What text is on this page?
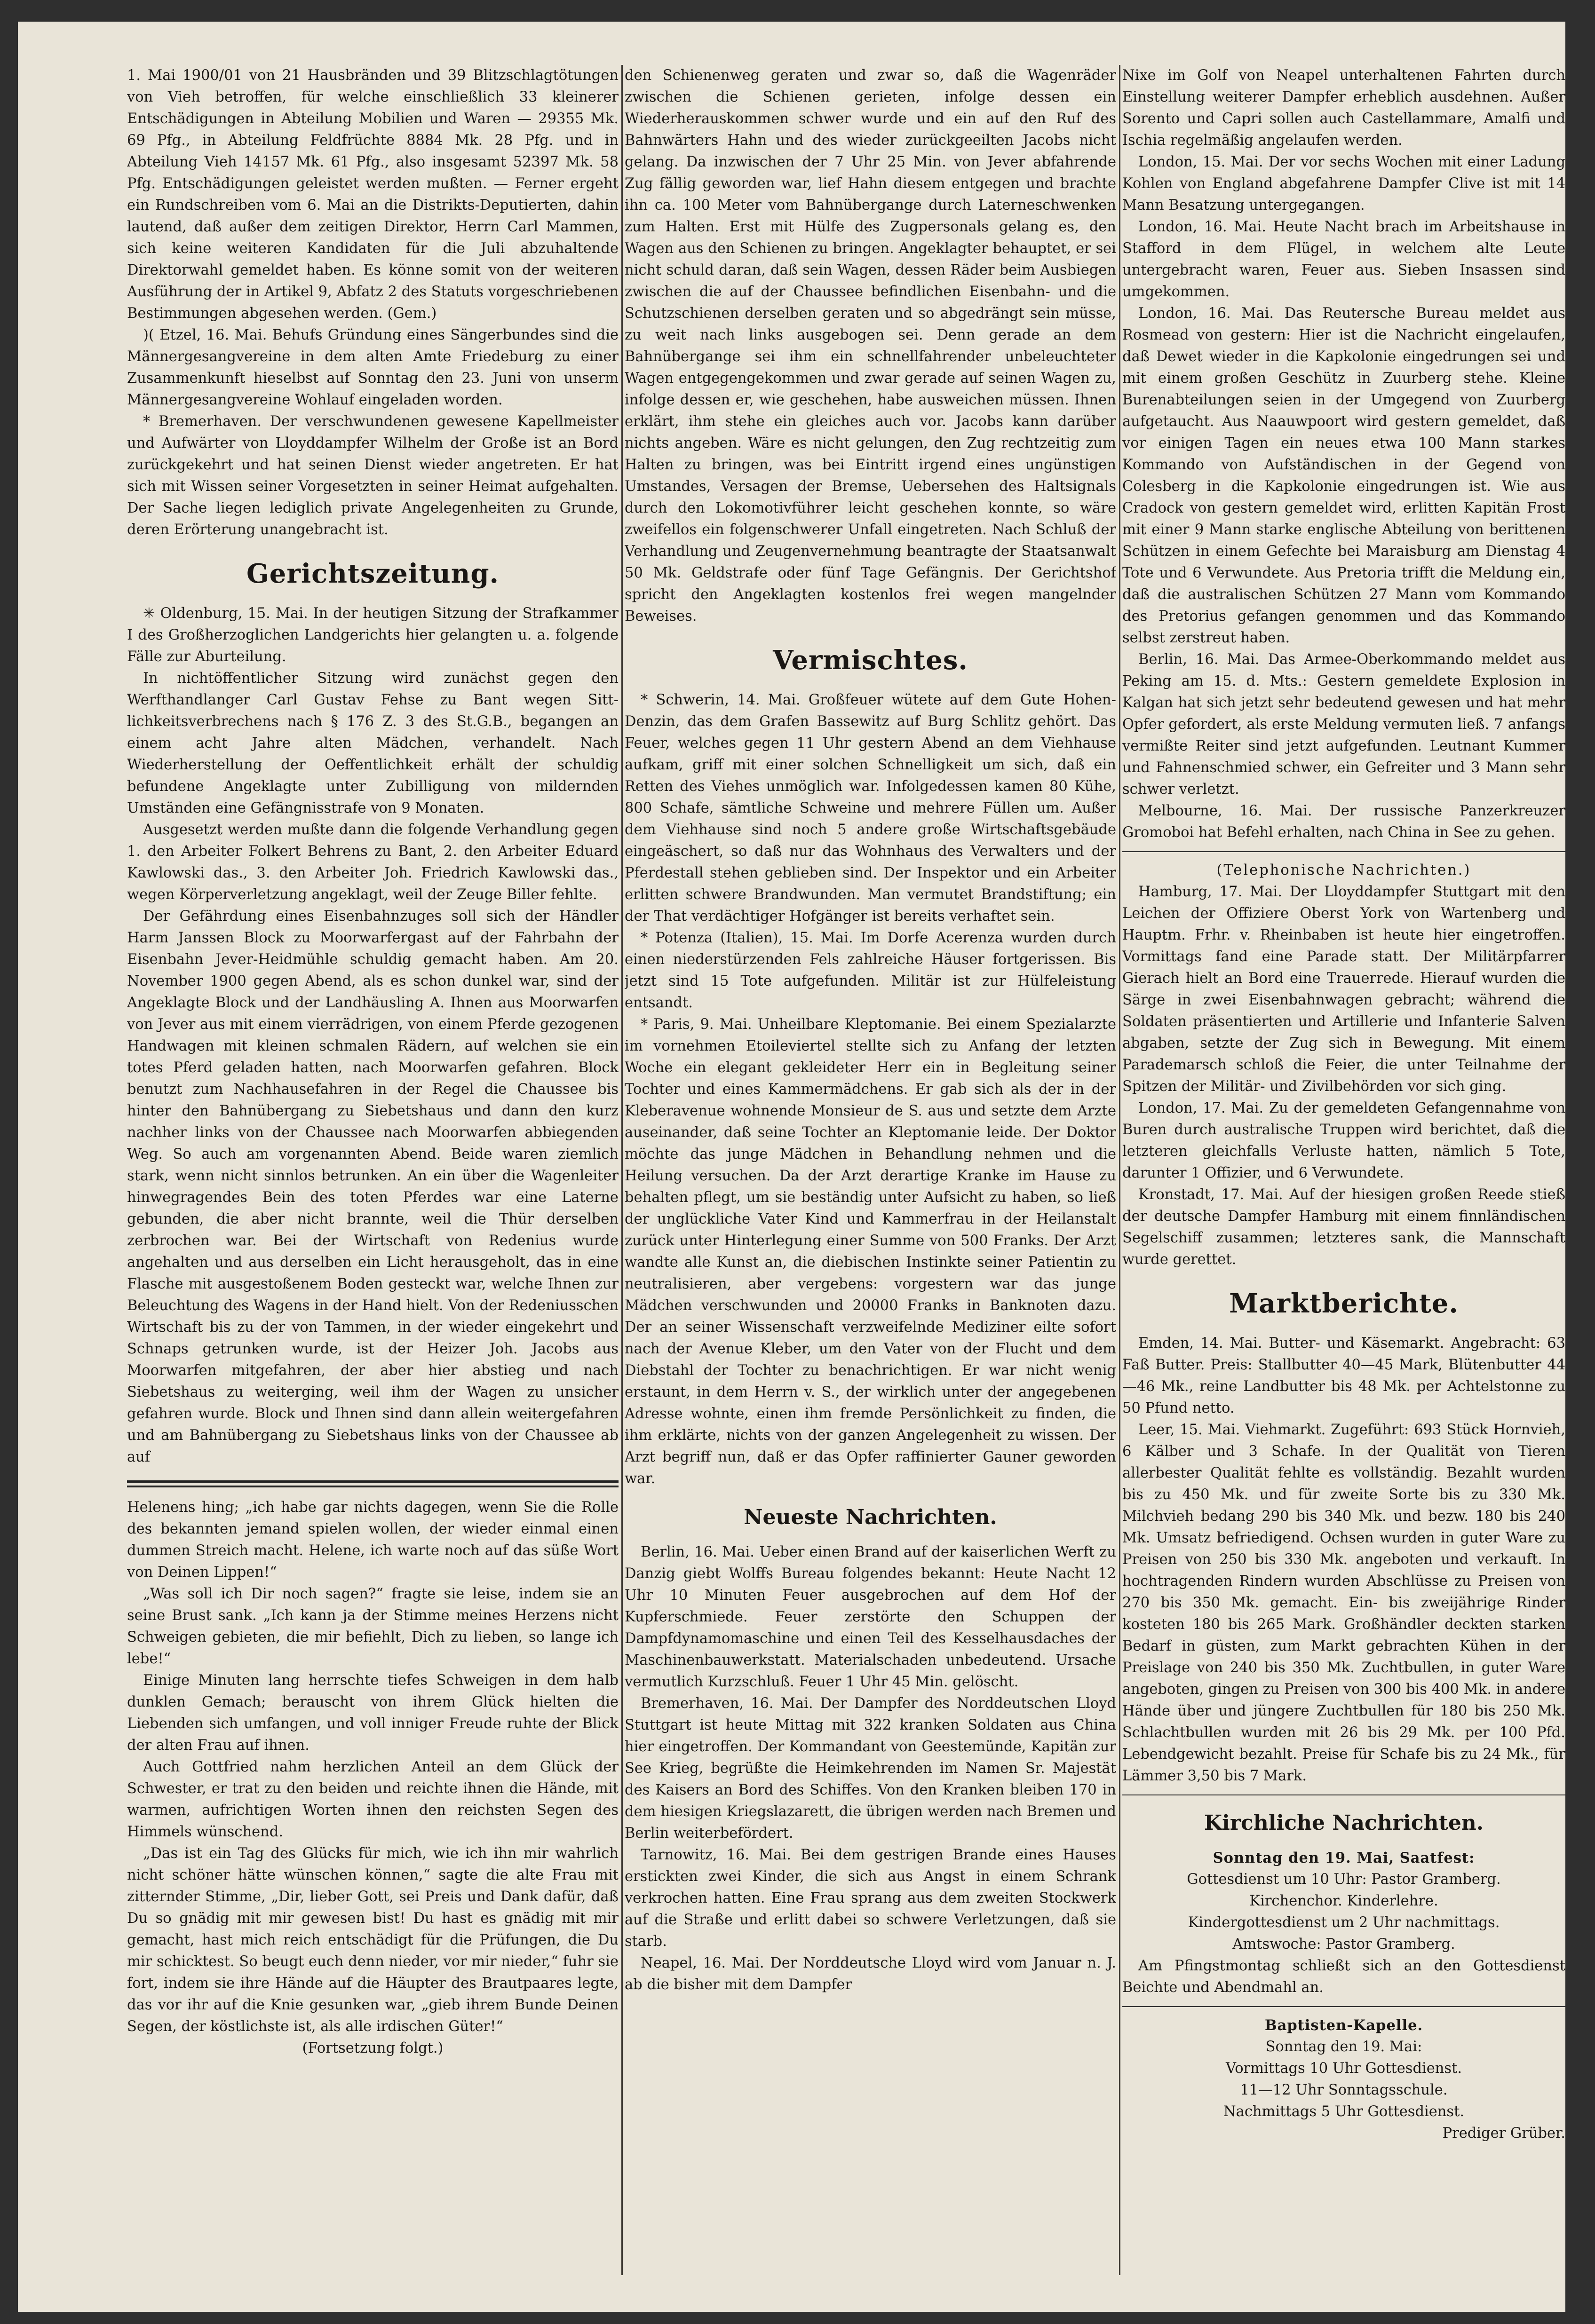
1. Mai 1900/01 von 21 Hausbränden und 39 Blitzschlagtötungen von Vieh betroffen, für welche einschließlich 33 kleinerer Entschädigungen in Abteilung Mobilien und Waren — 29355 Mk. 69 Pfg., in Abteilung Feldfrüchte 8884 Mk. 28 Pfg. und in Abteilung Vieh 14157 Mk. 61 Pfg., also insgesamt 52397 Mk. 58 Pfg. Entschädigungen geleistet werden mußten. — Ferner ergeht ein Rundschreiben vom 6. Mai an die Distrikts-Deputierten, dahin lautend, daß außer dem zeitigen Direktor, Herrn Carl Mammen, sich keine weiteren Kandidaten für die Juli abzuhaltende Direktorwahl gemeldet haben. Es könne somit von der weiteren Ausführung der in Artikel 9, Abfatz 2 des Statuts vorgeschriebenen Bestimmungen abgesehen werden. (Gem.)

)( Etzel, 16. Mai. Behufs Gründung eines Sängerbundes sind die Männergesangvereine in dem alten Amte Friedeburg zu einer Zusammenkunft hieselbst auf Sonntag den 23. Juni von unserm Männergesangvereine Wohlauf eingeladen worden.

* Bremerhaven. Der verschwundenen gewesene Kapellmeister und Aufwärter von Lloyddampfer Wilhelm der Große ist an Bord zurückgekehrt und hat seinen Dienst wieder angetreten. Er hat sich mit Wissen seiner Vorgesetzten in seiner Heimat aufgehalten. Der Sache liegen lediglich private Angelegenheiten zu Grunde, deren Erörterung unangebracht ist.

Gerichtszeitung.

✳ Oldenburg, 15. Mai. In der heutigen Sitzung der Strafkammer I des Großherzoglichen Landgerichts hier gelangten u. a. folgende Fälle zur Aburteilung.

In nichtöffentlicher Sitzung wird zunächst gegen den Werfthandlanger Carl Gustav Fehse zu Bant wegen Sittlichkeitsverbrechens nach § 176 Z. 3 des St.G.B., begangen an einem acht Jahre alten Mädchen, verhandelt. Nach Wiederherstellung der Oeffentlichkeit erhält der schuldig befundene Angeklagte unter Zubilligung von mildernden Umständen eine Gefängnisstrafe von 9 Monaten.

Ausgesetzt werden mußte dann die folgende Verhandlung gegen 1. den Arbeiter Folkert Behrens zu Bant, 2. den Arbeiter Eduard Kawlowski das., 3. den Arbeiter Joh. Friedrich Kawlowski das., wegen Körperverletzung angeklagt, weil der Zeuge Biller fehlte.

Der Gefährdung eines Eisenbahnzuges soll sich der Händler Harm Janssen Block zu Moorwarfergast auf der Fahrbahn der Eisenbahn Jever-Heidmühle schuldig gemacht haben. Am 20. November 1900 gegen Abend, als es schon dunkel war, sind der Angeklagte Block und der Landhäusling A. Ihnen aus Moorwarfen von Jever aus mit einem vierrädrigen, von einem Pferde gezogenen Handwagen mit kleinen schmalen Rädern, auf welchen sie ein totes Pferd geladen hatten, nach Moorwarfen gefahren. Block benutzt zum Nachhausefahren in der Regel die Chaussee bis hinter den Bahnübergang zu Siebetshaus und dann den kurz nachher links von der Chaussee nach Moorwarfen abbiegenden Weg. So auch am vorgenannten Abend. Beide waren ziemlich stark, wenn nicht sinnlos betrunken. An ein über die Wagenleiter hinwegragendes Bein des toten Pferdes war eine Laterne gebunden, die aber nicht brannte, weil die Thür derselben zerbrochen war. Bei der Wirtschaft von Redenius wurde angehalten und aus derselben ein Licht herausgeholt, das in eine Flasche mit ausgestoßenem Boden gesteckt war, welche Ihnen zur Beleuchtung des Wagens in der Hand hielt. Von der Redeniusschen Wirtschaft bis zu der von Tammen, in der wieder eingekehrt und Schnaps getrunken wurde, ist der Heizer Joh. Jacobs aus Moorwarfen mitgefahren, der aber hier abstieg und nach Siebetshaus zu weiterging, weil ihm der Wagen zu unsicher gefahren wurde. Block und Ihnen sind dann allein weitergefahren und am Bahnübergang zu Siebetshaus links von der Chaussee ab auf

Helenens hing; „ich habe gar nichts dagegen, wenn Sie die Rolle des bekannten jemand spielen wollen, der wieder einmal einen dummen Streich macht. Helene, ich warte noch auf das süße Wort von Deinen Lippen!“

„Was soll ich Dir noch sagen?“ fragte sie leise, indem sie an seine Brust sank. „Ich kann ja der Stimme meines Herzens nicht Schweigen gebieten, die mir befiehlt, Dich zu lieben, so lange ich lebe!“

Einige Minuten lang herrschte tiefes Schweigen in dem halb dunklen Gemach; berauscht von ihrem Glück hielten die Liebenden sich umfangen, und voll inniger Freude ruhte der Blick der alten Frau auf ihnen.

Auch Gottfried nahm herzlichen Anteil an dem Glück der Schwester, er trat zu den beiden und reichte ihnen die Hände, mit warmen, aufrichtigen Worten ihnen den reichsten Segen des Himmels wünschend.

„Das ist ein Tag des Glücks für mich, wie ich ihn mir wahrlich nicht schöner hätte wünschen können,“ sagte die alte Frau mit zitternder Stimme, „Dir, lieber Gott, sei Preis und Dank dafür, daß Du so gnädig mit mir gewesen bist! Du hast es gnädig mit mir gemacht, hast mich reich entschädigt für die Prüfungen, die Du mir schicktest. So beugt euch denn nieder, vor mir nieder,“ fuhr sie fort, indem sie ihre Hände auf die Häupter des Brautpaares legte, das vor ihr auf die Knie gesunken war, „gieb ihrem Bunde Deinen Segen, der köstlichste ist, als alle irdischen Güter!“

(Fortsetzung folgt.)

den Schienenweg geraten und zwar so, daß die Wagenräder zwischen die Schienen gerieten, infolge dessen ein Wiederherauskommen schwer wurde und ein auf den Ruf des Bahnwärters Hahn und des wieder zurückgeeilten Jacobs nicht gelang. Da inzwischen der 7 Uhr 25 Min. von Jever abfahrende Zug fällig geworden war, lief Hahn diesem entgegen und brachte ihn ca. 100 Meter vom Bahnübergange durch Laterneschwenken zum Halten. Erst mit Hülfe des Zugpersonals gelang es, den Wagen aus den Schienen zu bringen. Angeklagter behauptet, er sei nicht schuld daran, daß sein Wagen, dessen Räder beim Ausbiegen zwischen die auf der Chaussee befindlichen Eisenbahn- und die Schutzschienen derselben geraten und so abgedrängt sein müsse, zu weit nach links ausgebogen sei. Denn gerade an dem Bahnübergange sei ihm ein schnellfahrender unbeleuchteter Wagen entgegengekommen und zwar gerade auf seinen Wagen zu, infolge dessen er, wie geschehen, habe ausweichen müssen. Ihnen erklärt, ihm stehe ein gleiches auch vor. Jacobs kann darüber nichts angeben. Wäre es nicht gelungen, den Zug rechtzeitig zum Halten zu bringen, was bei Eintritt irgend eines ungünstigen Umstandes, Versagen der Bremse, Uebersehen des Haltsignals durch den Lokomotivführer leicht geschehen konnte, so wäre zweifellos ein folgenschwerer Unfall eingetreten. Nach Schluß der Verhandlung und Zeugenvernehmung beantragte der Staatsanwalt 50 Mk. Geldstrafe oder fünf Tage Gefängnis. Der Gerichtshof spricht den Angeklagten kostenlos frei wegen mangelnder Beweises.

Vermischtes.

* Schwerin, 14. Mai. Großfeuer wütete auf dem Gute Hohen-Denzin, das dem Grafen Bassewitz auf Burg Schlitz gehört. Das Feuer, welches gegen 11 Uhr gestern Abend an dem Viehhause aufkam, griff mit einer solchen Schnelligkeit um sich, daß ein Retten des Viehes unmöglich war. Infolgedessen kamen 80 Kühe, 800 Schafe, sämtliche Schweine und mehrere Füllen um. Außer dem Viehhause sind noch 5 andere große Wirtschaftsgebäude eingeäschert, so daß nur das Wohnhaus des Verwalters und der Pferdestall stehen geblieben sind. Der Inspektor und ein Arbeiter erlitten schwere Brandwunden. Man vermutet Brandstiftung; ein der That verdächtiger Hofgänger ist bereits verhaftet sein.

* Potenza (Italien), 15. Mai. Im Dorfe Acerenza wurden durch einen niederstürzenden Fels zahlreiche Häuser fortgerissen. Bis jetzt sind 15 Tote aufgefunden. Militär ist zur Hülfeleistung entsandt.

* Paris, 9. Mai. Unheilbare Kleptomanie. Bei einem Spezialarzte im vornehmen Etoileviertel stellte sich zu Anfang der letzten Woche ein elegant gekleideter Herr ein in Begleitung seiner Tochter und eines Kammermädchens. Er gab sich als der in der Kleberavenue wohnende Monsieur de S. aus und setzte dem Arzte auseinander, daß seine Tochter an Kleptomanie leide. Der Doktor möchte das junge Mädchen in Behandlung nehmen und die Heilung versuchen. Da der Arzt derartige Kranke im Hause zu behalten pflegt, um sie beständig unter Aufsicht zu haben, so ließ der unglückliche Vater Kind und Kammerfrau in der Heilanstalt zurück unter Hinterlegung einer Summe von 500 Franks. Der Arzt wandte alle Kunst an, die diebischen Instinkte seiner Patientin zu neutralisieren, aber vergebens: vorgestern war das junge Mädchen verschwunden und 20000 Franks in Banknoten dazu. Der an seiner Wissenschaft verzweifelnde Mediziner eilte sofort nach der Avenue Kleber, um den Vater von der Flucht und dem Diebstahl der Tochter zu benachrichtigen. Er war nicht wenig erstaunt, in dem Herrn v. S., der wirklich unter der angegebenen Adresse wohnte, einen ihm fremde Persönlichkeit zu finden, die ihm erklärte, nichts von der ganzen Angelegenheit zu wissen. Der Arzt begriff nun, daß er das Opfer raffinierter Gauner geworden war.

Neueste Nachrichten.

Berlin, 16. Mai. Ueber einen Brand auf der kaiserlichen Werft zu Danzig giebt Wolffs Bureau folgendes bekannt: Heute Nacht 12 Uhr 10 Minuten Feuer ausgebrochen auf dem Hof der Kupferschmiede. Feuer zerstörte den Schuppen der Dampfdynamomaschine und einen Teil des Kesselhausdaches der Maschinenbauwerkstatt. Materialschaden unbedeutend. Ursache vermutlich Kurzschluß. Feuer 1 Uhr 45 Min. gelöscht.

Bremerhaven, 16. Mai. Der Dampfer des Norddeutschen Lloyd Stuttgart ist heute Mittag mit 322 kranken Soldaten aus China hier eingetroffen. Der Kommandant von Geestemünde, Kapitän zur See Krieg, begrüßte die Heimkehrenden im Namen Sr. Majestät des Kaisers an Bord des Schiffes. Von den Kranken bleiben 170 in dem hiesigen Kriegslazarett, die übrigen werden nach Bremen und Berlin weiterbefördert.

Tarnowitz, 16. Mai. Bei dem gestrigen Brande eines Hauses erstickten zwei Kinder, die sich aus Angst in einem Schrank verkrochen hatten. Eine Frau sprang aus dem zweiten Stockwerk auf die Straße und erlitt dabei so schwere Verletzungen, daß sie starb.

Neapel, 16. Mai. Der Norddeutsche Lloyd wird vom Januar n. J. ab die bisher mit dem Dampfer

Nixe im Golf von Neapel unterhaltenen Fahrten durch Einstellung weiterer Dampfer erheblich ausdehnen. Außer Sorento und Capri sollen auch Castellammare, Amalfi und Ischia regelmäßig angelaufen werden.

London, 15. Mai. Der vor sechs Wochen mit einer Ladung Kohlen von England abgefahrene Dampfer Clive ist mit 14 Mann Besatzung untergegangen.

London, 16. Mai. Heute Nacht brach im Arbeitshause in Stafford in dem Flügel, in welchem alte Leute untergebracht waren, Feuer aus. Sieben Insassen sind umgekommen.

London, 16. Mai. Das Reutersche Bureau meldet aus Rosmead von gestern: Hier ist die Nachricht eingelaufen, daß Dewet wieder in die Kapkolonie eingedrungen sei und mit einem großen Geschütz in Zuurberg stehe. Kleine Burenabteilungen seien in der Umgegend von Zuurberg aufgetaucht. Aus Naauwpoort wird gestern gemeldet, daß vor einigen Tagen ein neues etwa 100 Mann starkes Kommando von Aufständischen in der Gegend von Colesberg in die Kapkolonie eingedrungen ist. Wie aus Cradock von gestern gemeldet wird, erlitten Kapitän Frost mit einer 9 Mann starke englische Abteilung von berittenen Schützen in einem Gefechte bei Maraisburg am Dienstag 4 Tote und 6 Verwundete. Aus Pretoria trifft die Meldung ein, daß die australischen Schützen 27 Mann vom Kommando des Pretorius gefangen genommen und das Kommando selbst zerstreut haben.

Berlin, 16. Mai. Das Armee-Oberkommando meldet aus Peking am 15. d. Mts.: Gestern gemeldete Explosion in Kalgan hat sich jetzt sehr bedeutend gewesen und hat mehr Opfer gefordert, als erste Meldung vermuten ließ. 7 anfangs vermißte Reiter sind jetzt aufgefunden. Leutnant Kummer und Fahnenschmied schwer, ein Gefreiter und 3 Mann sehr schwer verletzt.

Melbourne, 16. Mai. Der russische Panzerkreuzer Gromoboi hat Befehl erhalten, nach China in See zu gehen.

(Telephonische Nachrichten.)

Hamburg, 17. Mai. Der Lloyddampfer Stuttgart mit den Leichen der Offiziere Oberst York von Wartenberg und Hauptm. Frhr. v. Rheinbaben ist heute hier eingetroffen. Vormittags fand eine Parade statt. Der Militärpfarrer Gierach hielt an Bord eine Trauerrede. Hierauf wurden die Särge in zwei Eisenbahnwagen gebracht; während die Soldaten präsentierten und Artillerie und Infanterie Salven abgaben, setzte der Zug sich in Bewegung. Mit einem Parademarsch schloß die Feier, die unter Teilnahme der Spitzen der Militär- und Zivilbehörden vor sich ging.

London, 17. Mai. Zu der gemeldeten Gefangennahme von Buren durch australische Truppen wird berichtet, daß die letzteren gleichfalls Verluste hatten, nämlich 5 Tote, darunter 1 Offizier, und 6 Verwundete.

Kronstadt, 17. Mai. Auf der hiesigen großen Reede stieß der deutsche Dampfer Hamburg mit einem finnländischen Segelschiff zusammen; letzteres sank, die Mannschaft wurde gerettet.

Marktberichte.

Emden, 14. Mai. Butter- und Käsemarkt. Angebracht: 63 Faß Butter. Preis: Stallbutter 40—45 Mark, Blütenbutter 44—46 Mk., reine Landbutter bis 48 Mk. per Achtelstonne zu 50 Pfund netto.

Leer, 15. Mai. Viehmarkt. Zugeführt: 693 Stück Hornvieh, 6 Kälber und 3 Schafe. In der Qualität von Tieren allerbester Qualität fehlte es vollständig. Bezahlt wurden bis zu 450 Mk. und für zweite Sorte bis zu 330 Mk. Milchvieh bedang 290 bis 340 Mk. und bezw. 180 bis 240 Mk. Umsatz befriedigend. Ochsen wurden in guter Ware zu Preisen von 250 bis 330 Mk. angeboten und verkauft. In hochtragenden Rindern wurden Abschlüsse zu Preisen von 270 bis 350 Mk. gemacht. Ein- bis zweijährige Rinder kosteten 180 bis 265 Mark. Großhändler deckten starken Bedarf in güsten, zum Markt gebrachten Kühen in der Preislage von 240 bis 350 Mk. Zuchtbullen, in guter Ware angeboten, gingen zu Preisen von 300 bis 400 Mk. in andere Hände über und jüngere Zuchtbullen für 180 bis 250 Mk. Schlachtbullen wurden mit 26 bis 29 Mk. per 100 Pfd. Lebendgewicht bezahlt. Preise für Schafe bis zu 24 Mk., für Lämmer 3,50 bis 7 Mark.

Kirchliche Nachrichten.

Sonntag den 19. Mai, Saatfest:

Gottesdienst um 10 Uhr: Pastor Gramberg.

Kirchenchor. Kinderlehre.

Kindergottesdienst um 2 Uhr nachmittags.

Amtswoche: Pastor Gramberg.

Am Pfingstmontag schließt sich an den Gottesdienst Beichte und Abendmahl an.

Baptisten-Kapelle.

Sonntag den 19. Mai:

Vormittags 10 Uhr Gottesdienst.

11—12 Uhr Sonntagsschule.

Nachmittags 5 Uhr Gottesdienst.

Prediger Grüber.
